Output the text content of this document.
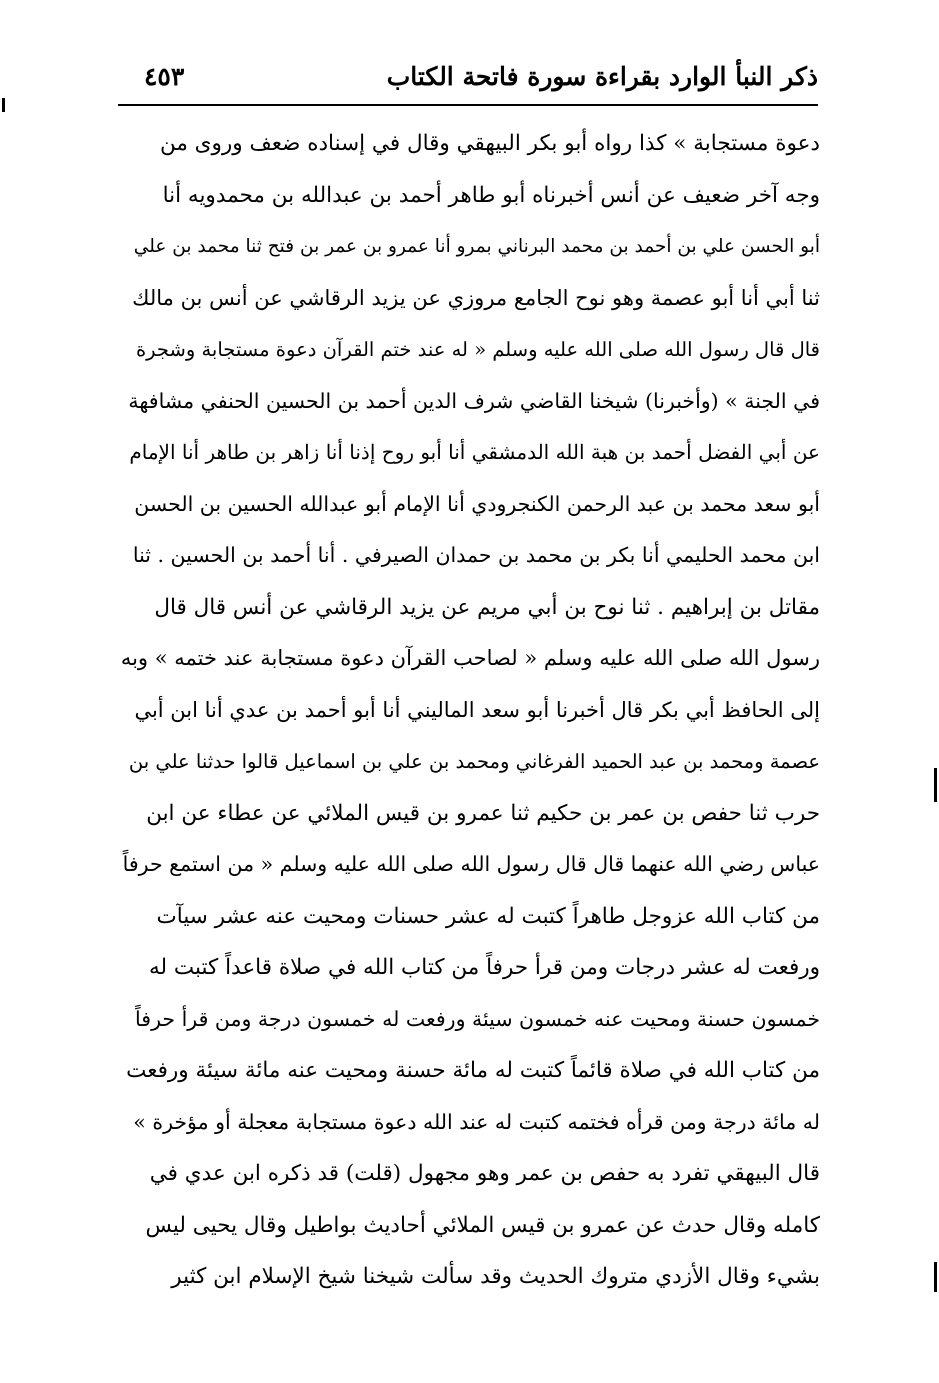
ذكر النبأ الوارد بقراءة سورة فاتحة الكتاب
٤٥٣
دعوة مستجابة » كذا رواه أبو بكر البيهقي وقال في إسناده ضعف وروى من
وجه آخر ضعيف عن أنس أخبرناه أبو طاهر أحمد بن عبدالله بن محمدويه أنا
أبو الحسن علي بن أحمد بن محمد البرناني بمرو أنا عمرو بن عمر بن فتح ثنا محمد بن علي
ثنا أبي أنا أبو عصمة وهو نوح الجامع مروزي عن يزيد الرقاشي عن أنس بن مالك
قال قال رسول الله صلى الله عليه وسلم « له عند ختم القرآن دعوة مستجابة وشجرة
في الجنة » (وأخبرنا) شيخنا القاضي شرف الدين أحمد بن الحسين الحنفي مشافهة
عن أبي الفضل أحمد بن هبة الله الدمشقي أنا أبو روح إذنا أنا زاهر بن طاهر أنا الإمام
أبو سعد محمد بن عبد الرحمن الكنجرودي أنا الإمام أبو عبدالله الحسين بن الحسن
ابن محمد الحليمي أنا بكر بن محمد بن حمدان الصيرفي . أنا أحمد بن الحسين . ثنا
مقاتل بن إبراهيم . ثنا نوح بن أبي مريم عن يزيد الرقاشي عن أنس قال قال
رسول الله صلى الله عليه وسلم « لصاحب القرآن دعوة مستجابة عند ختمه » وبه
إلى الحافظ أبي بكر قال أخبرنا أبو سعد الماليني أنا أبو أحمد بن عدي أنا ابن أبي
عصمة ومحمد بن عبد الحميد الفرغاني ومحمد بن علي بن اسماعيل قالوا حدثنا علي بن
حرب ثنا حفص بن عمر بن حكيم ثنا عمرو بن قيس الملائي عن عطاء عن ابن
عباس رضي الله عنهما قال قال رسول الله صلى الله عليه وسلم « من استمع حرفاً
من كتاب الله عزوجل طاهراً كتبت له عشر حسنات ومحيت عنه عشر سيآت
ورفعت له عشر درجات ومن قرأ حرفاً من كتاب الله في صلاة قاعداً كتبت له
خمسون حسنة ومحيت عنه خمسون سيئة ورفعت له خمسون درجة ومن قرأ حرفاً
من كتاب الله في صلاة قائماً كتبت له مائة حسنة ومحيت عنه مائة سيئة ورفعت
له مائة درجة ومن قرأه فختمه كتبت له عند الله دعوة مستجابة معجلة أو مؤخرة »
قال البيهقي تفرد به حفص بن عمر وهو مجهول (قلت) قد ذكره ابن عدي في
كامله وقال حدث عن عمرو بن قيس الملائي أحاديث بواطيل وقال يحيى ليس
بشيء وقال الأزدي متروك الحديث وقد سألت شيخنا شيخ الإسلام ابن كثير
